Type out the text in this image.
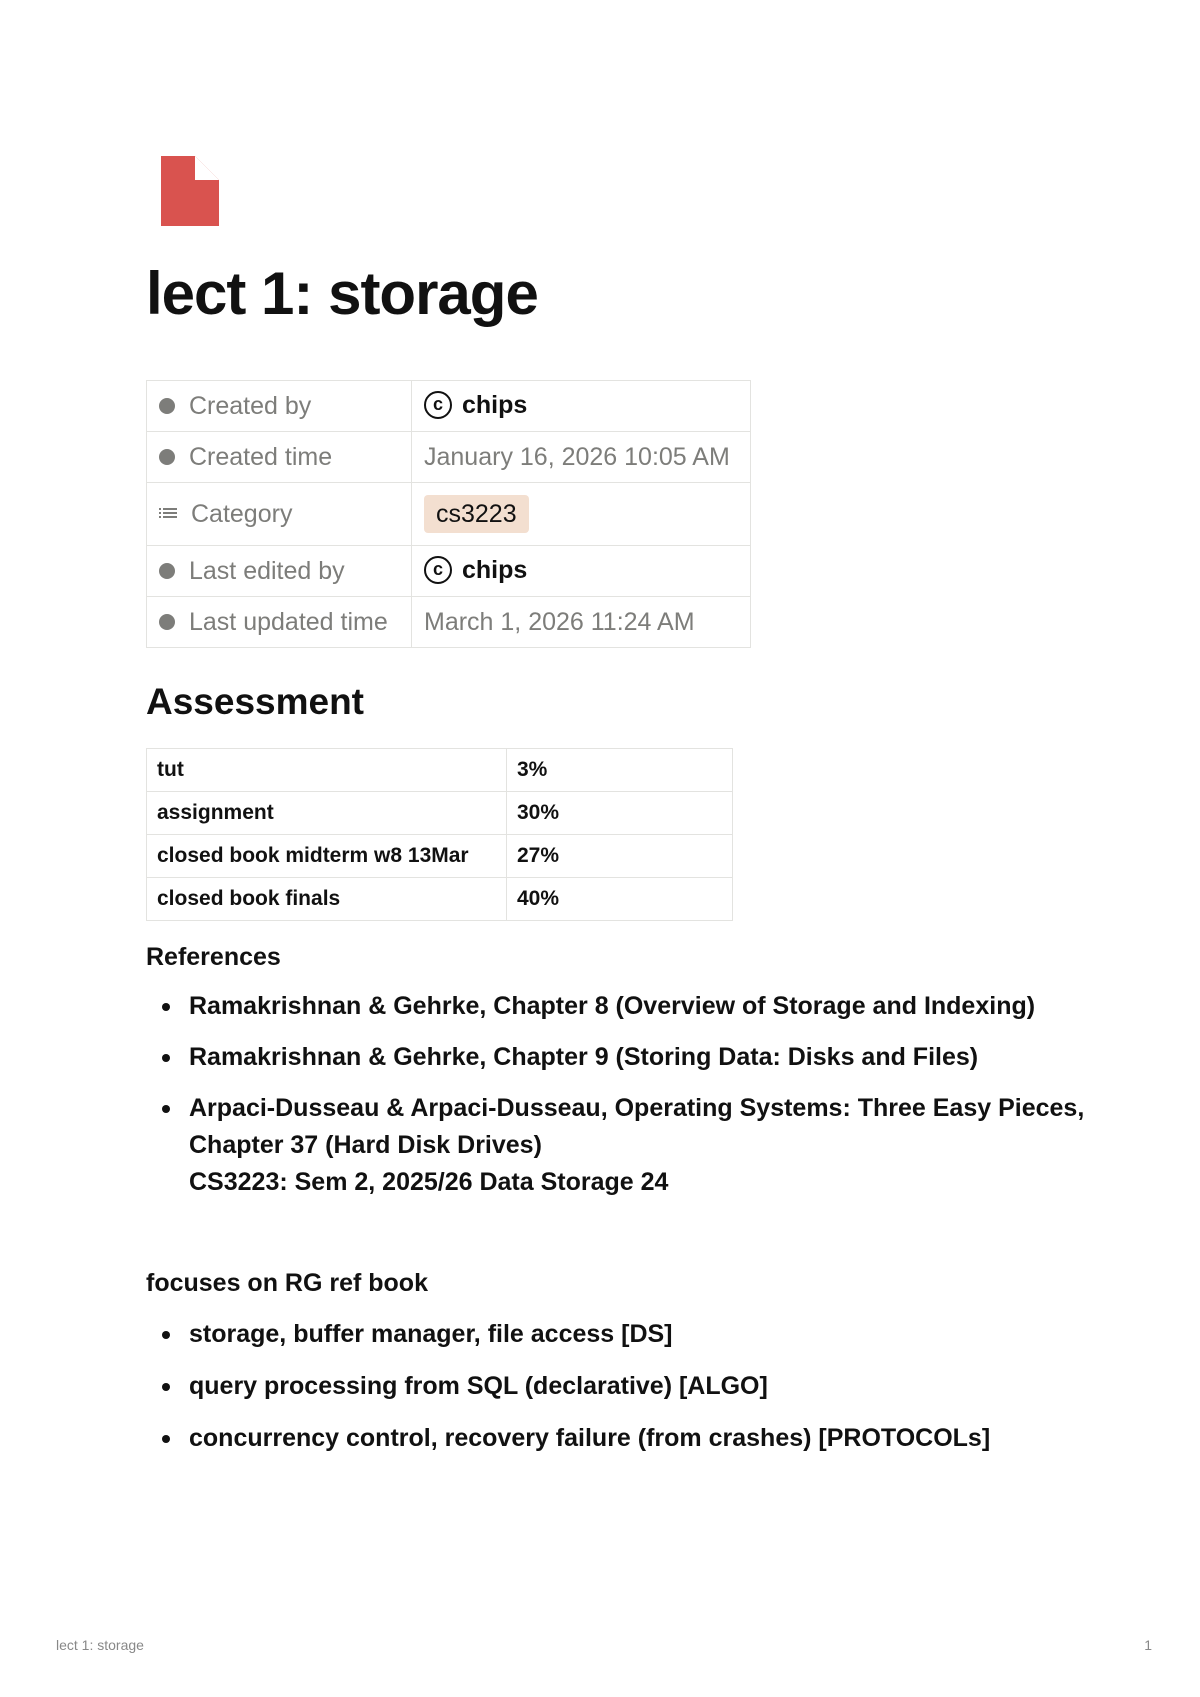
lect 1: storage
Created by	c chips
Created time	January 16, 2026 10:05 AM

Category	cs3223
Last edited by	c chips
Last updated time	March 1, 2026 11:24 AM
Assessment
tut	3%
assignment	30%
closed book midterm w8 13Mar	27%
closed book finals	40%
References
Ramakrishnan & Gehrke, Chapter 8 (Overview of Storage and Indexing)
Ramakrishnan & Gehrke, Chapter 9 (Storing Data: Disks and Files)
Arpaci-Dusseau & Arpaci-Dusseau, Operating Systems: Three Easy Pieces,
Chapter 37 (Hard Disk Drives)
CS3223: Sem 2, 2025/26 Data Storage 24
focuses on RG ref book
storage, buffer manager, file access [DS]
query processing from SQL (declarative) [ALGO]
concurrency control, recovery failure (from crashes) [PROTOCOLs]
lect 1: storage	1
